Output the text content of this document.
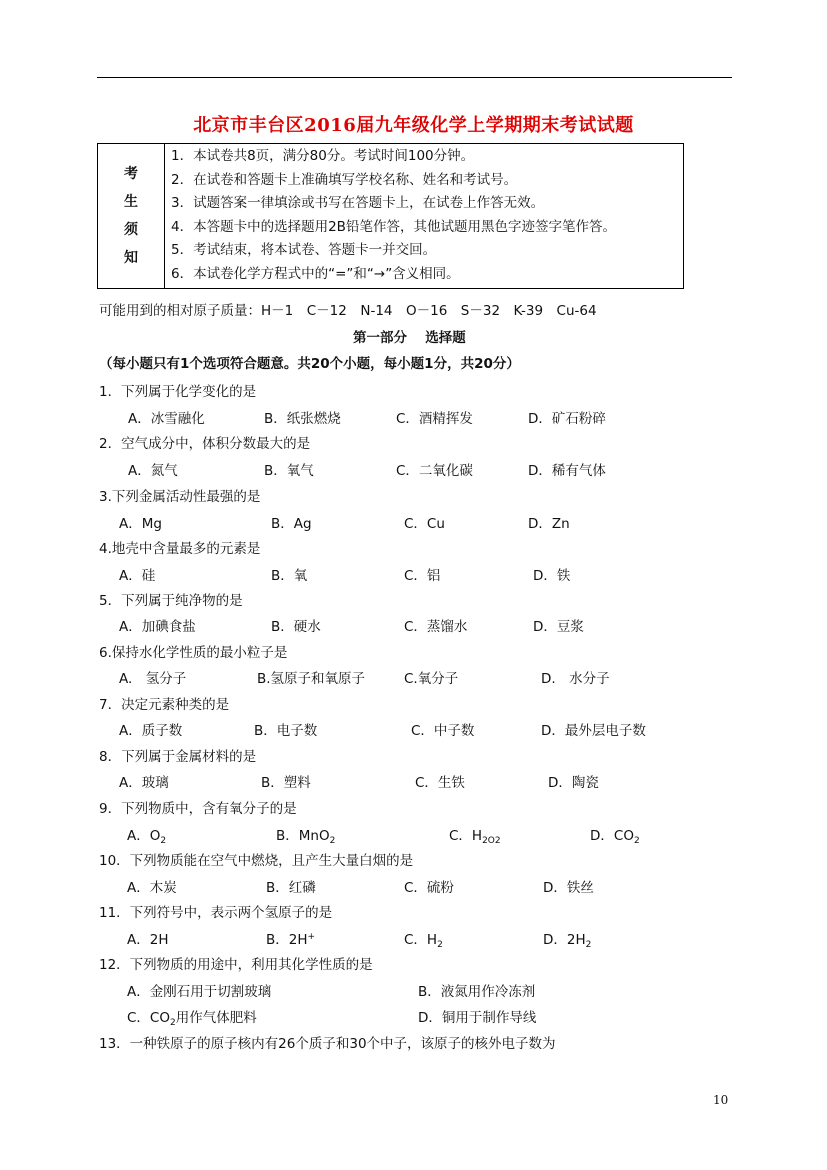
北京市丰台区2016届九年级化学上学期期末考试试题
考
生
须
知

1．本试卷共8页，满分80分。考试时间100分钟。
2．在试卷和答题卡上准确填写学校名称、姓名和考试号。
3．试题答案一律填涂或书写在答题卡上，在试卷上作答无效。
4．本答题卡中的选择题用2B铅笔作答，其他试题用黑色字迹签字笔作答。
5．考试结束，将本试卷、答题卡一并交回。
6．本试卷化学方程式中的“=”和“→”含义相同。
可能用到的相对原子质量：H－1　C－12　N-14　O－16　S－32　K-39　Cu-64
第一部分　 选择题
（每小题只有1个选项符合题意。共20个小题，每小题1分，共20分）
1．下列属于化学变化的是
A．冰雪融化	B．纸张燃烧	C．酒精挥发	D．矿石粉碎
2．空气成分中，体积分数最大的是
A．氮气	B．氧气	C．二氧化碳	D．稀有气体
3.下列金属活动性最强的是
A．Mg	B．Ag	C．Cu	D．Zn
4.地壳中含量最多的元素是
A．硅	B．氧	C．铝	D．铁
5．下列属于纯净物的是
A．加碘食盐	B．硬水	C．蒸馏水	D．豆浆
6.保持水化学性质的最小粒子是
A.　氢分子	B.氢原子和氧原子	C.氧分子	D.　水分子
7．决定元素种类的是
A．质子数	B．电子数	C．中子数	D．最外层电子数
8．下列属于金属材料的是
A．玻璃	B．塑料	C．生铁	D．陶瓷
9．下列物质中，含有氧分子的是
A．$O_2$	B．MnO$_2$	C．$H_{2O2}$	D．$CO_2$
10．下列物质能在空气中燃烧，且产生大量白烟的是
A．木炭	B．红磷	C．硫粉	D．铁丝
11．下列符号中，表示两个氢原子的是
A．2H	B．2H+	C．$H_2$	D．$2H_2$
12．下列物质的用途中，利用其化学性质的是
A．金刚石用于切割玻璃	B．液氮用作冷冻剂
C．$CO_2$用作气体肥料	D．铜用于制作导线
13．一种铁原子的原子核内有26个质子和30个中子，该原子的核外电子数为
10
